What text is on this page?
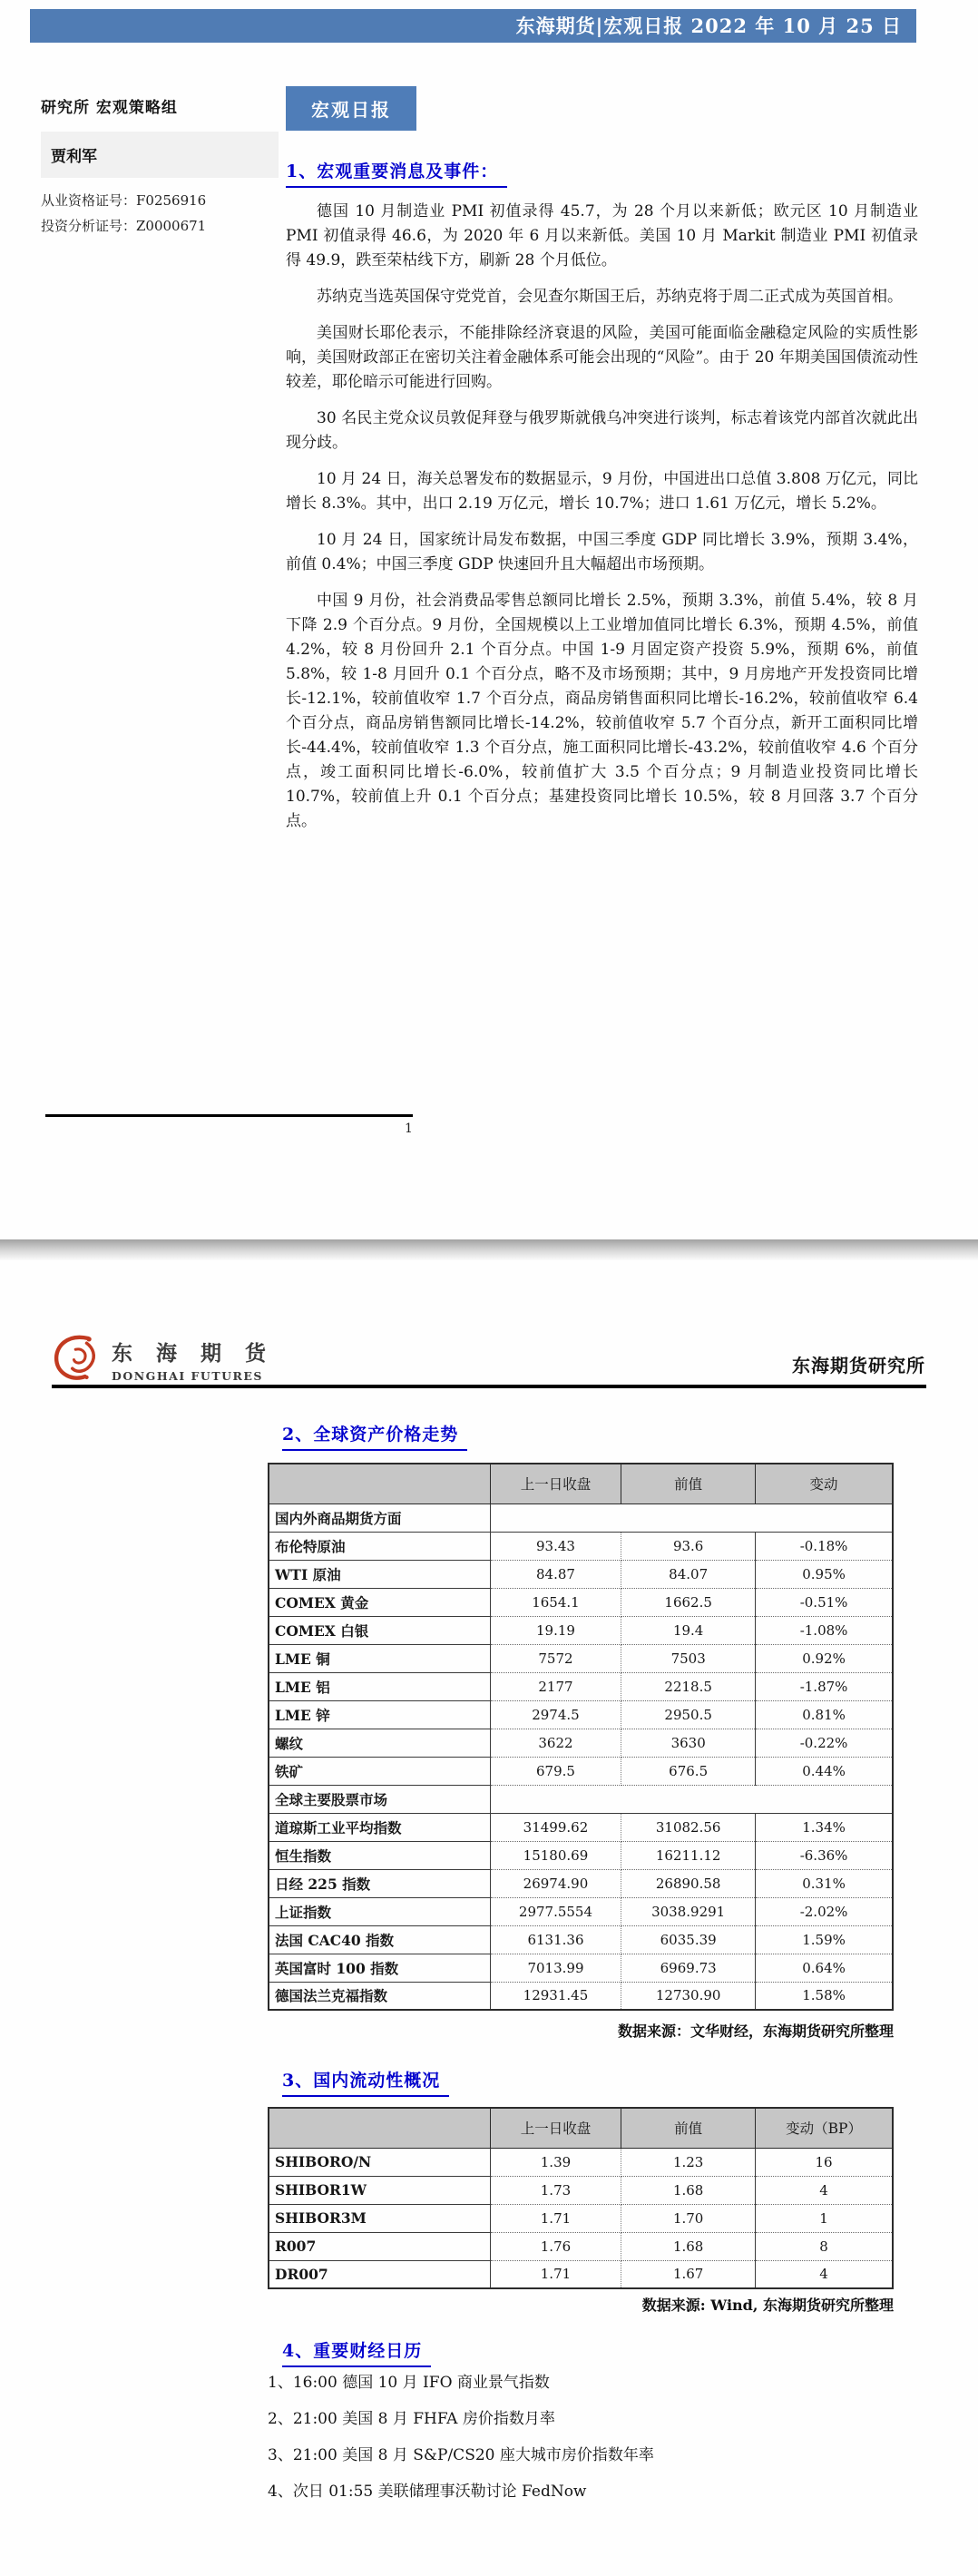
东海期货|宏观日报 2022 年 10 月 25 日
研究所 宏观策略组
贾利军
从业资格证号：F0256916
投资分析证号：Z0000671
宏观日报
1、宏观重要消息及事件：

德国 10 月制造业 PMI 初值录得 45.7，为 28 个月以来新低；欧元区 10 月制造业 PMI 初值录得 46.6，为 2020 年 6 月以来新低。美国 10 月 Markit 制造业 PMI 初值录得 49.9，跌至荣枯线下方，刷新 28 个月低位。

苏纳克当选英国保守党党首，会见查尔斯国王后，苏纳克将于周二正式成为英国首相。

美国财长耶伦表示，不能排除经济衰退的风险，美国可能面临金融稳定风险的实质性影响，美国财政部正在密切关注着金融体系可能会出现的“风险”。由于 20 年期美国国债流动性较差，耶伦暗示可能进行回购。

30 名民主党众议员敦促拜登与俄罗斯就俄乌冲突进行谈判，标志着该党内部首次就此出现分歧。

10 月 24 日，海关总署发布的数据显示，9 月份，中国进出口总值 3.808 万亿元，同比增长 8.3%。其中，出口 2.19 万亿元，增长 10.7%；进口 1.61 万亿元，增长 5.2%。

10 月 24 日，国家统计局发布数据，中国三季度 GDP 同比增长 3.9%，预期 3.4%，前值 0.4%；中国三季度 GDP 快速回升且大幅超出市场预期。

中国 9 月份，社会消费品零售总额同比增长 2.5%，预期 3.3%，前值 5.4%，较 8 月下降 2.9 个百分点。9 月份，全国规模以上工业增加值同比增长 6.3%，预期 4.5%，前值 4.2%，较 8 月份回升 2.1 个百分点。中国 1-9 月固定资产投资 5.9%，预期 6%，前值 5.8%，较 1-8 月回升 0.1 个百分点，略不及市场预期；其中，9 月房地产开发投资同比增长-12.1%，较前值收窄 1.7 个百分点，商品房销售面积同比增长-16.2%，较前值收窄 6.4 个百分点，商品房销售额同比增长-14.2%，较前值收窄 5.7 个百分点，新开工面积同比增长-44.4%，较前值收窄 1.3 个百分点，施工面积同比增长-43.2%，较前值收窄 4.6 个百分点，竣工面积同比增长-6.0%，较前值扩大 3.5 个百分点；9 月制造业投资同比增长 10.7%，较前值上升 0.1 个百分点；基建投资同比增长 10.5%，较 8 月回落 3.7 个百分点。

1
东 海 期 货
DONGHAI FUTURES	东海期货研究所
2、全球资产价格走势
	上一日收盘	前值	变动
国内外商品期货方面			
布伦特原油	93.43	93.6	-0.18%
WTI 原油	84.87	84.07	0.95%
COMEX 黄金	1654.1	1662.5	-0.51%
COMEX 白银	19.19	19.4	-1.08%
LME 铜	7572	7503	0.92%
LME 铝	2177	2218.5	-1.87%
LME 锌	2974.5	2950.5	0.81%
螺纹	3622	3630	-0.22%
铁矿	679.5	676.5	0.44%
全球主要股票市场			
道琼斯工业平均指数	31499.62	31082.56	1.34%
恒生指数	15180.69	16211.12	-6.36%
日经 225 指数	26974.90	26890.58	0.31%
上证指数	2977.5554	3038.9291	-2.02%
法国 CAC40 指数	6131.36	6035.39	1.59%
英国富时 100 指数	7013.99	6969.73	0.64%
德国法兰克福指数	12931.45	12730.90	1.58%
数据来源：文华财经，东海期货研究所整理
3、国内流动性概况
	上一日收盘	前值	变动（BP）
SHIBORO/N	1.39	1.23	16
SHIBOR1W	1.73	1.68	4
SHIBOR3M	1.71	1.70	1
R007	1.76	1.68	8
DR007	1.71	1.67	4
数据来源: Wind, 东海期货研究所整理
4、重要财经日历
1、16:00 德国 10 月 IFO 商业景气指数
2、21:00 美国 8 月 FHFA 房价指数月率
3、21:00 美国 8 月 S&P/CS20 座大城市房价指数年率
4、次日 01:55 美联储理事沃勒讨论 FedNow
